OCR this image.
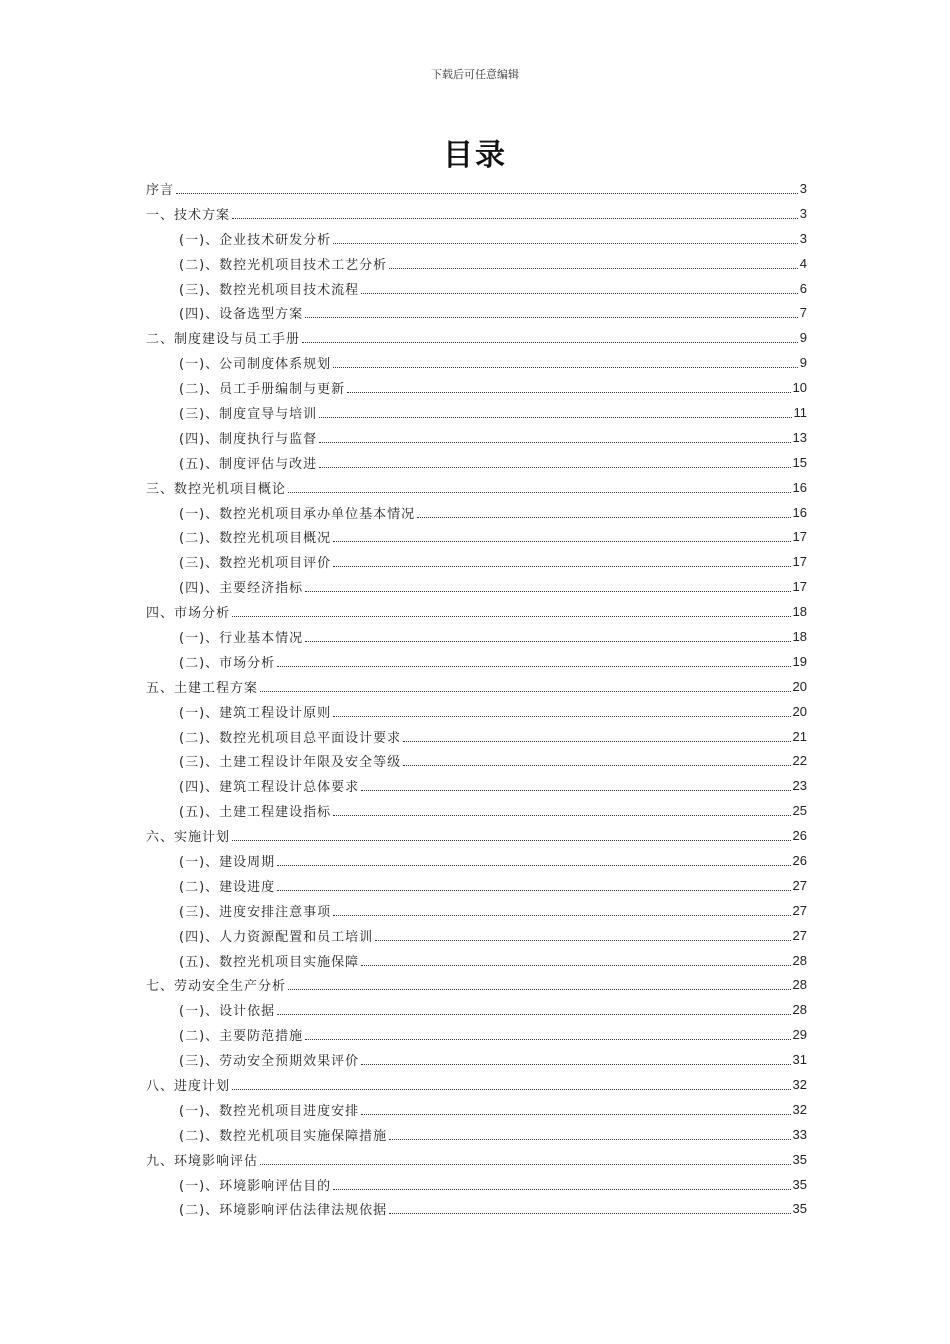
下载后可任意编辑
目录
序言	3
一、技术方案	3
(一)、企业技术研发分析	3
(二)、数控光机项目技术工艺分析	4
(三)、数控光机项目技术流程	6
(四)、设备选型方案	7
二、制度建设与员工手册	9
(一)、公司制度体系规划	9
(二)、员工手册编制与更新	10
(三)、制度宣导与培训	11
(四)、制度执行与监督	13
(五)、制度评估与改进	15
三、数控光机项目概论	16
(一)、数控光机项目承办单位基本情况	16
(二)、数控光机项目概况	17
(三)、数控光机项目评价	17
(四)、主要经济指标	17
四、市场分析	18
(一)、行业基本情况	18
(二)、市场分析	19
五、土建工程方案	20
(一)、建筑工程设计原则	20
(二)、数控光机项目总平面设计要求	21
(三)、土建工程设计年限及安全等级	22
(四)、建筑工程设计总体要求	23
(五)、土建工程建设指标	25
六、实施计划	26
(一)、建设周期	26
(二)、建设进度	27
(三)、进度安排注意事项	27
(四)、人力资源配置和员工培训	27
(五)、数控光机项目实施保障	28
七、劳动安全生产分析	28
(一)、设计依据	28
(二)、主要防范措施	29
(三)、劳动安全预期效果评价	31
八、进度计划	32
(一)、数控光机项目进度安排	32
(二)、数控光机项目实施保障措施	33
九、环境影响评估	35
(一)、环境影响评估目的	35
(二)、环境影响评估法律法规依据	35
